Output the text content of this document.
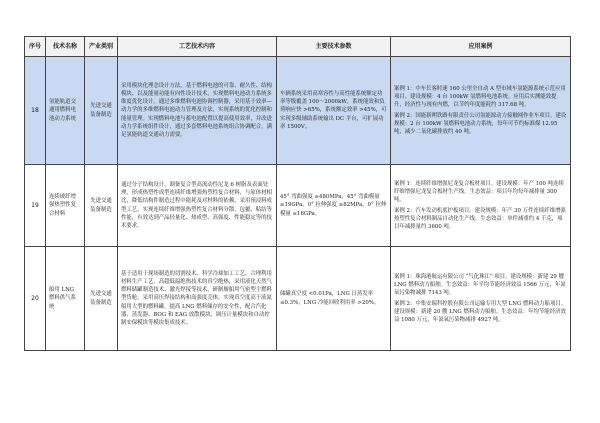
序号	技术名称	产业类别	工艺技术内容	主要技术参数	应用案例
18	氢能轨道交通用燃料电池动力系统	先进交通装备制造	采用模块化理念设计方法，基于燃料电池的可靠、耐久性、结构模块、以及能量功能有向性设计技术，实现燃料电池动力系统多维度优化设计。通过多维燃料电池协调控制器，采用基于效率—动力学的多维燃料电池动力管理及方法，实现系统的优化控制和能量管理。实现燃料电池与蓄电池配置以提高使用效率，并改进动力学系统组件设计，通过多套燃料电池系统组合协调配合，满足氢能轨道交通动力需要。	车辆系统采用高寒容性与高性能系统额定功率等级覆盖 100～2000kW，系统能效和负荷响应快 >65%，系统额定效率 >45%，可实现多级辅助系统输出 DC 平台，可扩展功率 1500V。	案例 1：中车长客时速 160 公里全自动 A 型市域车氢能源系统示范应用项目。建设规模：4 台 100kW 氢燃料电池系统。应用后实测能效提升，经济性与现有内燃，以节约年度能耗约 317.68 吨。
案例 2：国能新朔铁路有限责任公司氢能源动力接触网作业车项目。建设规模：2 台 100kW 氢燃料电池动力系统，每年可节约标准煤 12.95 吨，减少二氧化碳排放约 40 吨。

19	连续玻纤增强热塑性复合材料	先进交通装备制造	通过分子结构设计，制备复合型高流动性尼龙 6 树脂及表面处理，形成热塑性成型连续纤维增强热塑性复合材料，与原体材相比，降低结构件制造过程中能耗及对材料的依赖，采用预浸料成型工艺，实现连续纤维增强热塑性复合材料分散、包覆、粘结等性能，有效达到产品轻量化、热成型、高强度、性能稳定等的技术要求。	45° 弯曲强度 ≥480MPa，45° 弯曲模量 ≥19GPa，0° 拉伸强度 ≥82MPa，0° 拉伸模量 ≥16GPa。	案例 1：连续纤维增强尼龙复合板材项目。建设规模：年产 100 吨连续纤维增强尼龙复合板材生产线。生态效益：项目年均每年减排量 300 吨。
案例 2：汽车发动机底护板项目。建设规模：年产 30 万件连续纤维增强热塑性复合材料制品自动化生产线。生态效益：单件减重约 4 千克，项目年减排量约 3600 吨。

20	船用 LNG 燃料供气系统	先进交通装备制造	基于适用于现场制造的切割技术、科学冷却加工工艺，合理利用材料生产工艺，高超低温绝热技术的真空绝热，采用液化天然气燃料储罐制造技术、激光焊接等技术，研制舰船用气密型主燃料型货舱，采用高压焊接结构和高强度壳体，实现真空度高于液氮船用大型的燃料罐，提高 LNG 燃料储存的安全性，配合汽化器、蒸发器、BOG 和 EAG 放散模块、调压计量模块和自动控制安保模块等模块集成技术。	储罐真空度 <0.01Pa，LNG 日蒸发率 ≤0.3%，LNG 冷能回收利用率 >20%。	案例 1：珠海港航运有限公司 “气化珠江” 项目。建设规模：新建 29 艘 LNG 燃料动力船舶。生态效益：年平均节能经济效益 1566 万元，年氮氧污染物减排 7143 吨。
案例 2：中集安瑞科控股有限公司运输专用大型 LNG 燃料动力船项目。建设规模：新建 20 艘 LNG 燃料动力船舶。生态效益：年均节能经济效益 1080 万元，年氮氧污染物减排 4927 吨。
